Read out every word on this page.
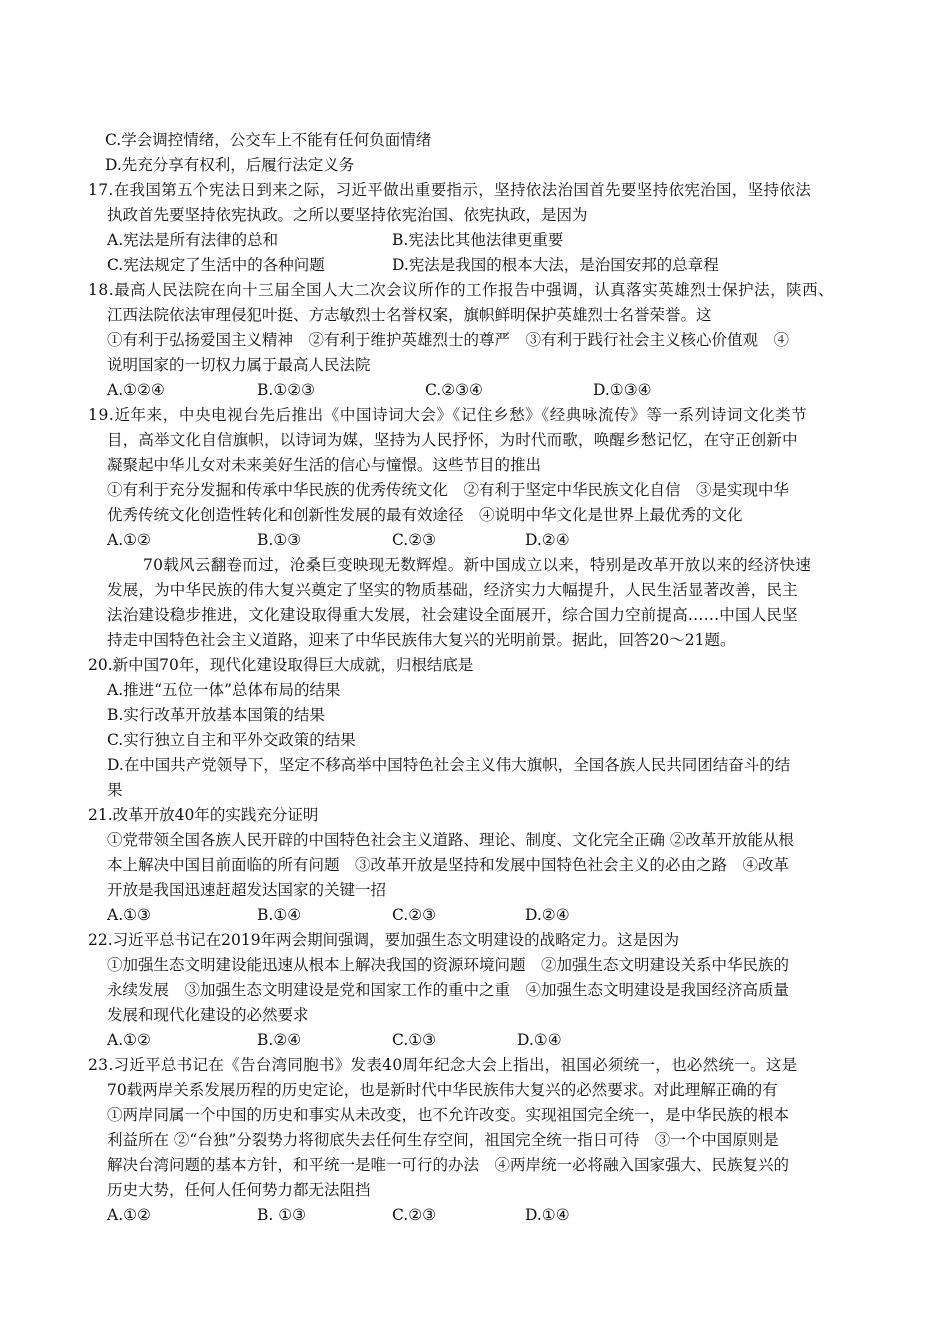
C.学会调控情绪，公交车上不能有任何负面情绪
D.先充分享有权利，后履行法定义务
17.在我国第五个宪法日到来之际，习近平做出重要指示，坚持依法治国首先要坚持依宪治国，坚持依法
执政首先要坚持依宪执政。之所以要坚持依宪治国、依宪执政，是因为
A.宪法是所有法律的总和	B.宪法比其他法律更重要
C.宪法规定了生活中的各种问题	D.宪法是我国的根本大法，是治国安邦的总章程
18.最高人民法院在向十三届全国人大二次会议所作的工作报告中强调，认真落实英雄烈士保护法，陕西、
江西法院依法审理侵犯叶挺、方志敏烈士名誉权案，旗帜鲜明保护英雄烈士名誉荣誉。这
①有利于弘扬爱国主义精神　②有利于维护英雄烈士的尊严　③有利于践行社会主义核心价值观　④
说明国家的一切权力属于最高人民法院
A.①②④	B.①②③	C.②③④	D.①③④
19.近年来，中央电视台先后推出《中国诗词大会》《记住乡愁》《经典咏流传》等一系列诗词文化类节
目，高举文化自信旗帜，以诗词为媒，坚持为人民抒怀，为时代而歌，唤醒乡愁记忆，在守正创新中
凝聚起中华儿女对未来美好生活的信心与憧憬。这些节目的推出
①有利于充分发掘和传承中华民族的优秀传统文化　②有利于坚定中华民族文化自信　③是实现中华
优秀传统文化创造性转化和创新性发展的最有效途径　④说明中华文化是世界上最优秀的文化
A.①②	B.①③	C.②③	D.②④
70载风云翻卷而过，沧桑巨变映现无数辉煌。新中国成立以来，特别是改革开放以来的经济快速
发展，为中华民族的伟大复兴奠定了坚实的物质基础，经济实力大幅提升，人民生活显著改善，民主
法治建设稳步推进，文化建设取得重大发展，社会建设全面展开，综合国力空前提高……中国人民坚
持走中国特色社会主义道路，迎来了中华民族伟大复兴的光明前景。据此，回答20～21题。
20.新中国70年，现代化建设取得巨大成就，归根结底是
A.推进“五位一体”总体布局的结果
B.实行改革开放基本国策的结果
C.实行独立自主和平外交政策的结果
D.在中国共产党领导下，坚定不移高举中国特色社会主义伟大旗帜，全国各族人民共同团结奋斗的结
果
21.改革开放40年的实践充分证明
①党带领全国各族人民开辟的中国特色社会主义道路、理论、制度、文化完全正确 ②改革开放能从根
本上解决中国目前面临的所有问题　③改革开放是坚持和发展中国特色社会主义的必由之路　④改革
开放是我国迅速赶超发达国家的关键一招
A.①③	B.①④	C.②③	D.②④
22.习近平总书记在2019年两会期间强调，要加强生态文明建设的战略定力。这是因为
①加强生态文明建设能迅速从根本上解决我国的资源环境问题　②加强生态文明建设关系中华民族的
永续发展　③加强生态文明建设是党和国家工作的重中之重　④加强生态文明建设是我国经济高质量
发展和现代化建设的必然要求
A.①②	B.②④	C.①③	D.①④
23.习近平总书记在《告台湾同胞书》发表40周年纪念大会上指出，祖国必须统一，也必然统一。这是
70载两岸关系发展历程的历史定论，也是新时代中华民族伟大复兴的必然要求。对此理解正确的有
①两岸同属一个中国的历史和事实从未改变，也不允许改变。实现祖国完全统一，是中华民族的根本
利益所在 ②“台独”分裂势力将彻底失去任何生存空间，祖国完全统一指日可待　③一个中国原则是
解决台湾问题的基本方针，和平统一是唯一可行的办法　④两岸统一必将融入国家强大、民族复兴的
历史大势，任何人任何势力都无法阻挡
A.①②	B. ①③	C.②③	D.①④
